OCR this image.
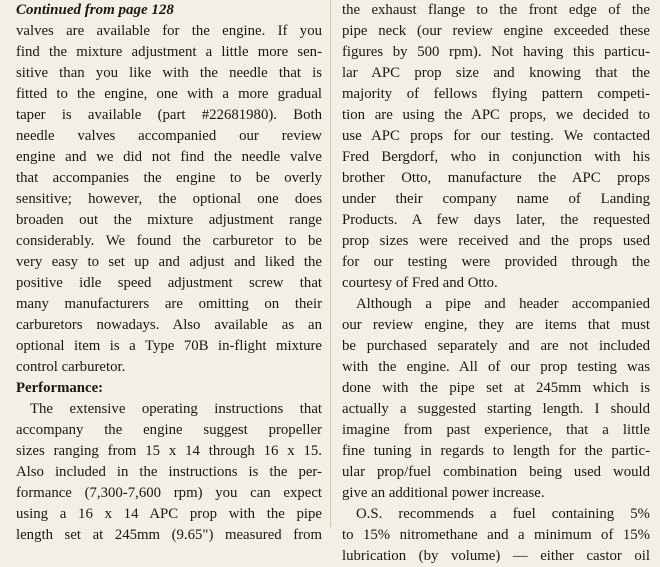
Continued from page 128
valves are available for the engine. If you
find the mixture adjustment a little more sen-
sitive than you like with the needle that is
fitted to the engine, one with a more gradual
taper is available (part #22681980). Both
needle valves accompanied our review
engine and we did not find the needle valve
that accompanies the engine to be overly
sensitive; however, the optional one does
broaden out the mixture adjustment range
considerably. We found the carburetor to be
very easy to set up and adjust and liked the
positive idle speed adjustment screw that
many manufacturers are omitting on their
carburetors nowadays. Also available as an
optional item is a Type 70B in-flight mixture
control carburetor.
Performance:
The extensive operating instructions that
accompany the engine suggest propeller
sizes ranging from 15 x 14 through 16 x 15.
Also included in the instructions is the per-
formance (7,300-7,600 rpm) you can expect
using a 16 x 14 APC prop with the pipe
length set at 245mm (9.65") measured from
the exhaust flange to the front edge of the
pipe neck (our review engine exceeded these
figures by 500 rpm). Not having this particu-
lar APC prop size and knowing that the
majority of fellows flying pattern competi-
tion are using the APC props, we decided to
use APC props for our testing. We contacted
Fred Bergdorf, who in conjunction with his
brother Otto, manufacture the APC props
under their company name of Landing
Products. A few days later, the requested
prop sizes were received and the props used
for our testing were provided through the
courtesy of Fred and Otto.
Although a pipe and header accompanied
our review engine, they are items that must
be purchased separately and are not included
with the engine. All of our prop testing was
done with the pipe set at 245mm which is
actually a suggested starting length. I should
imagine from past experience, that a little
fine tuning in regards to length for the partic-
ular prop/fuel combination being used would
give an additional power increase.
O.S. recommends a fuel containing 5%
to 15% nitromethane and a minimum of 15%
lubrication (by volume) — either castor oil
